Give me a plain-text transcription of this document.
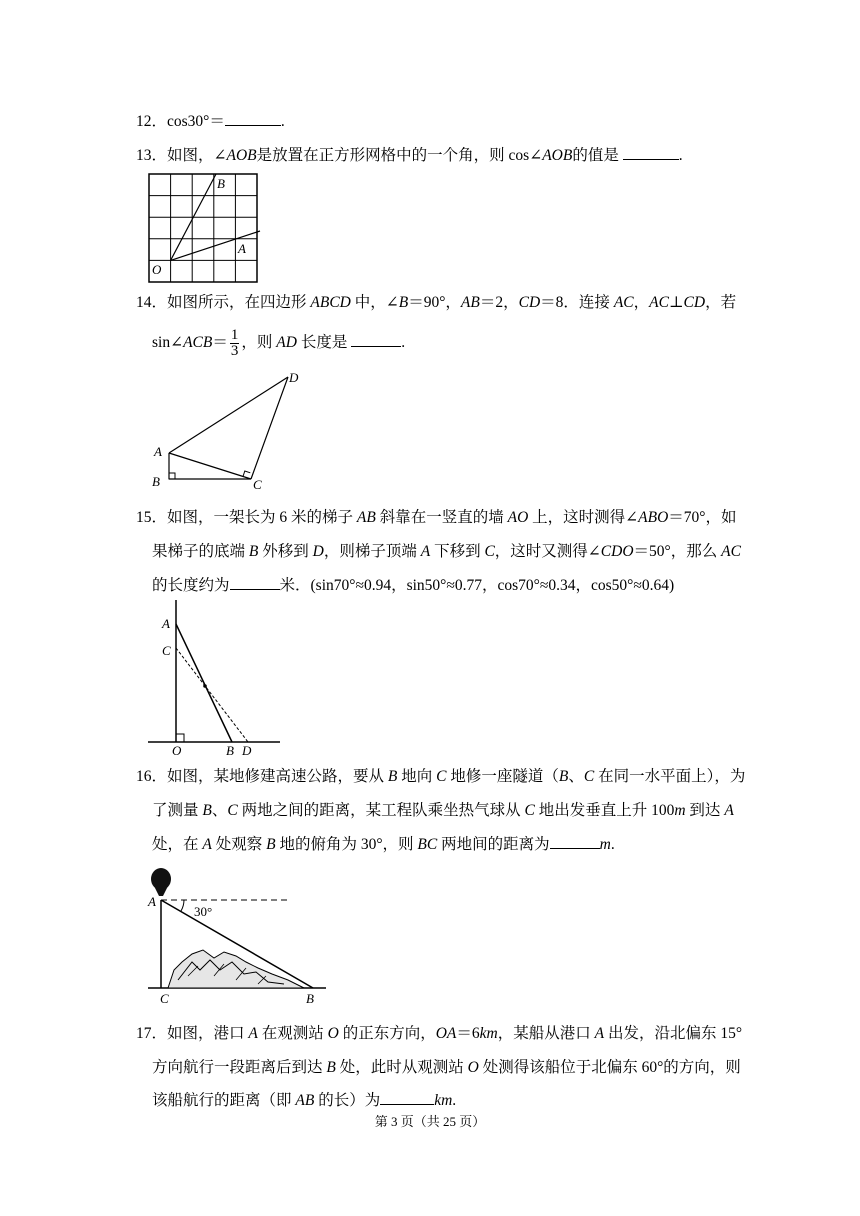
12．cos30°＝	.
13．如图，∠AOB是放置在正方形网格中的一个角，则 cos∠AOB的值是	.
B
A
O
14．如图所示，在四边形 ABCD 中，∠B＝90°，AB＝2，CD＝8．连接 AC，AC⊥CD，若
sin∠ACB＝ $\frac{1}{3}$ ，则 AD 长度是	.
D
A
B	C
15．如图，一架长为 6 米的梯子 AB 斜靠在一竖直的墙 AO 上，这时测得∠ABO＝70°，如
果梯子的底端 B 外移到 D，则梯子顶端 A 下移到 C，这时又测得∠CDO＝50°，那么 AC
的长度约为	米．(sin70°≈0.94，sin50°≈0.77，cos70°≈0.34，cos50°≈0.64)
A
C
O	B D
16．如图，某地修建高速公路，要从 B 地向 C 地修一座隧道（B、C 在同一水平面上），为
了测量 B、C 两地之间的距离，某工程队乘坐热气球从 C 地出发垂直上升 100m 到达 A
处，在 A 处观察 B 地的俯角为 30°，则 BC 两地间的距离为	m.
A
30°
C	B
17．如图，港口 A 在观测站 O 的正东方向，OA＝6km，某船从港口 A 出发，沿北偏东 15°
方向航行一段距离后到达 B 处，此时从观测站 O 处测得该船位于北偏东 60°的方向，则
该船航行的距离（即 AB 的长）为	km.
第 3 页（共 25 页）
